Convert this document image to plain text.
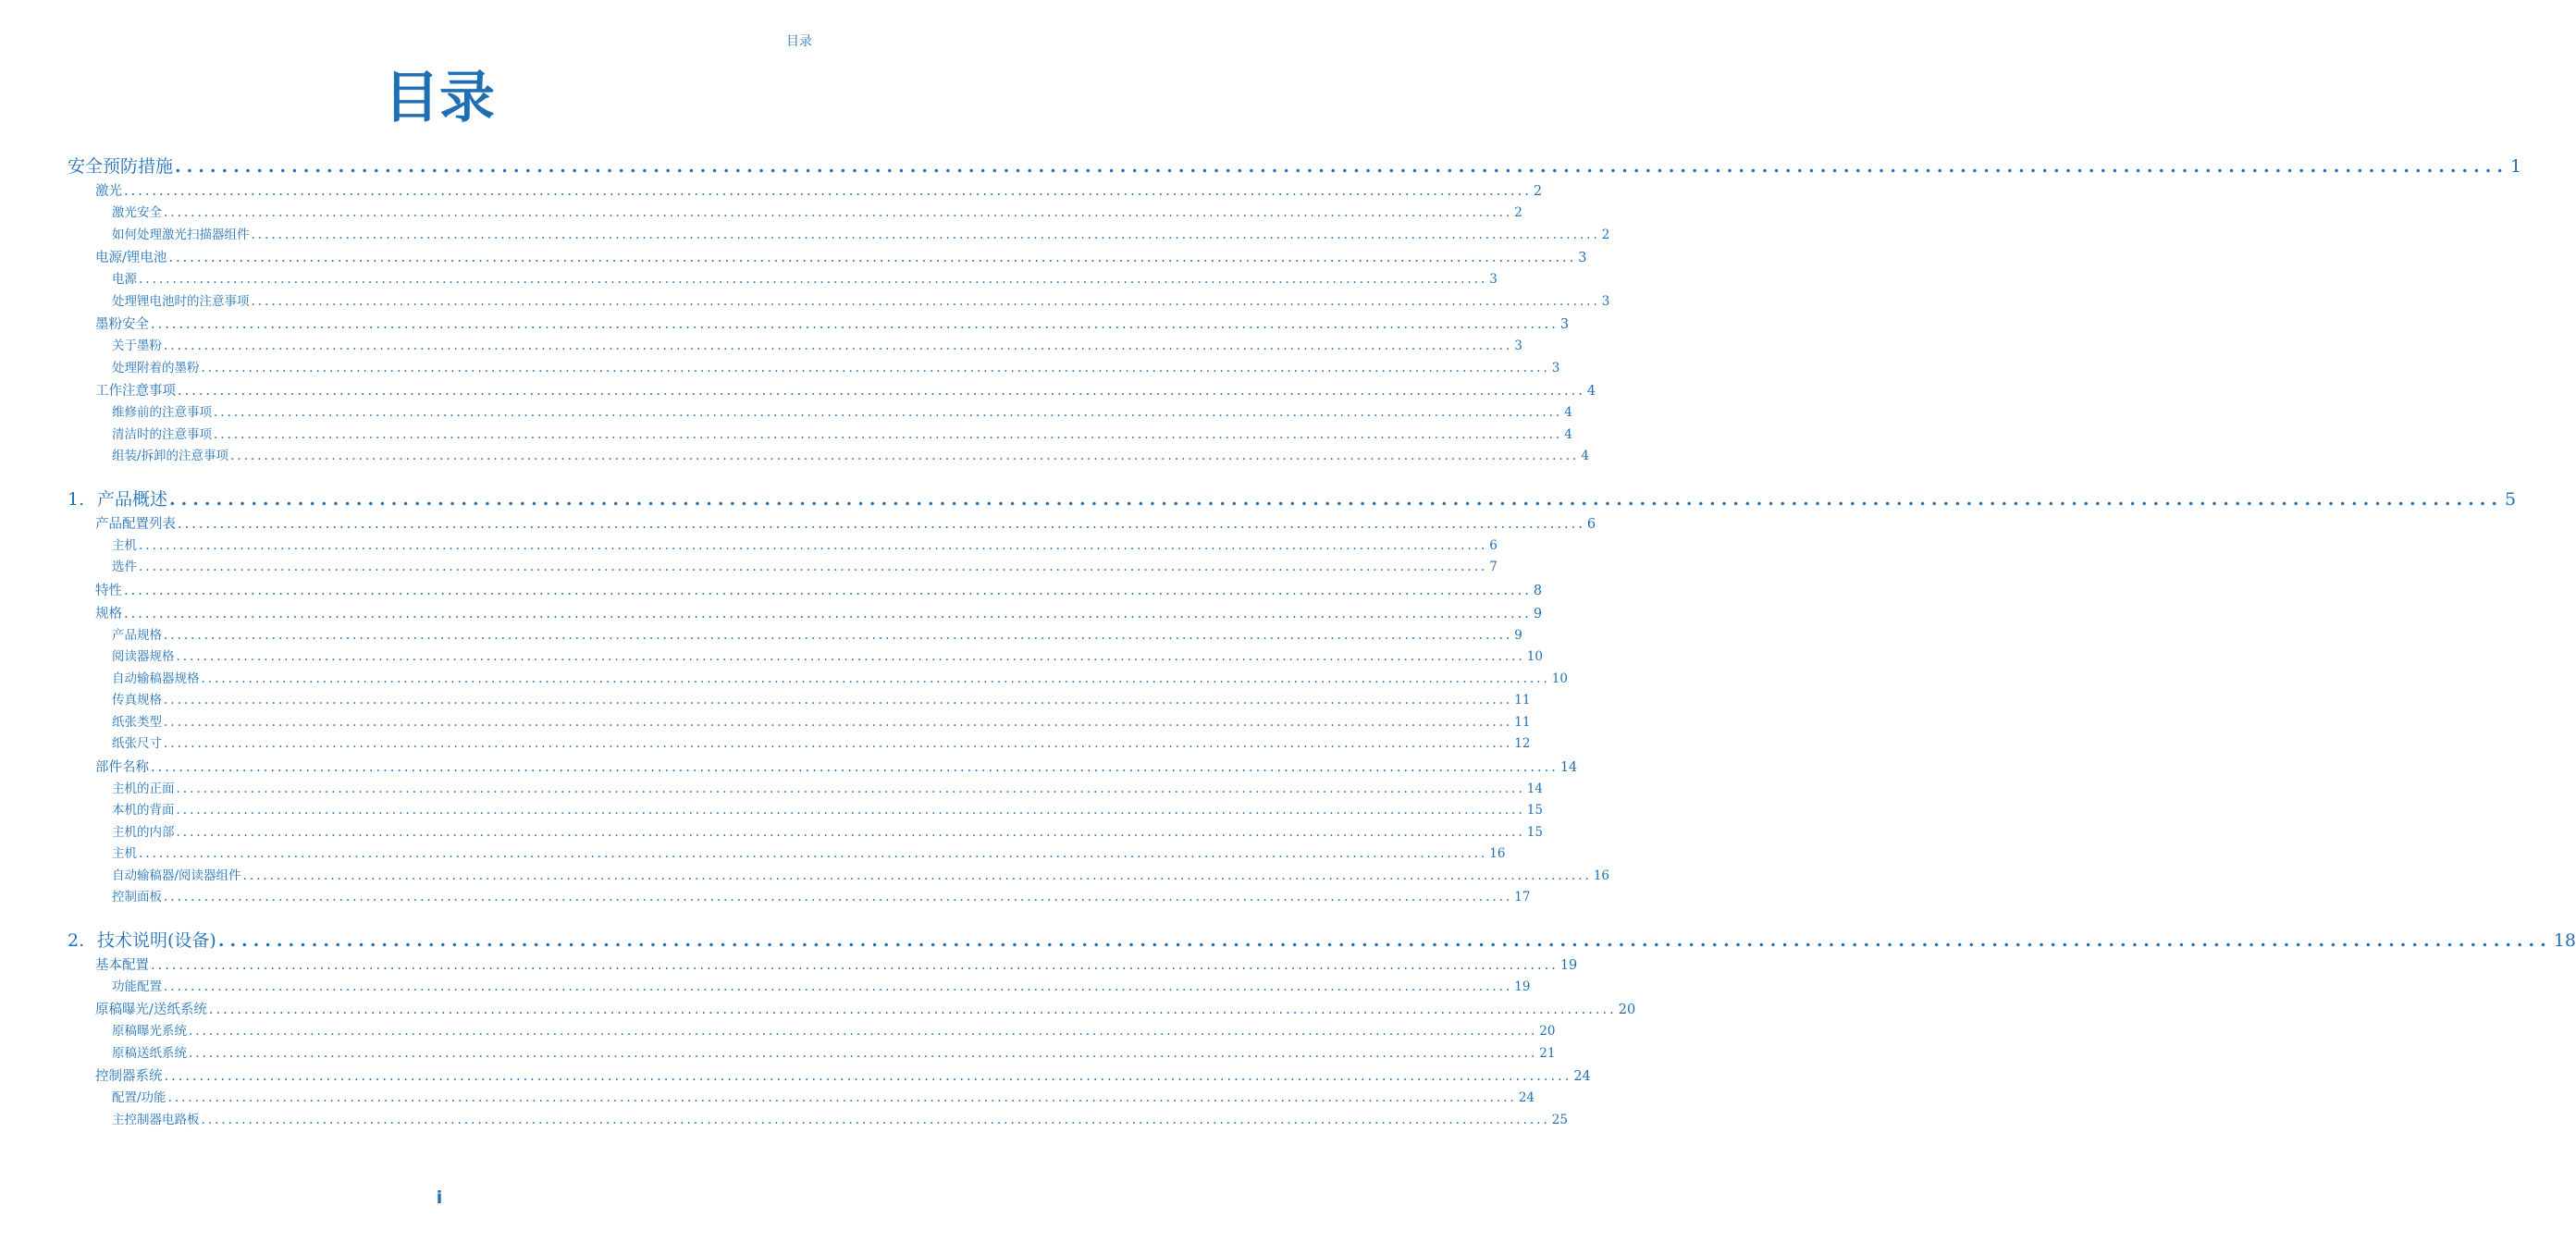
目录
目录
安全预防措施 ........................................................................................................................................................................................................ 1
激光 ........................................................................................................................................................................................................ 2
激光安全 ........................................................................................................................................................................................................ 2
如何处理激光扫描器组件 ........................................................................................................................................................................................................ 2
电源/锂电池 ........................................................................................................................................................................................................ 3
电源 ........................................................................................................................................................................................................ 3
处理锂电池时的注意事项 ........................................................................................................................................................................................................ 3
墨粉安全 ........................................................................................................................................................................................................ 3
关于墨粉 ........................................................................................................................................................................................................ 3
处理附着的墨粉 ........................................................................................................................................................................................................ 3
工作注意事项 ........................................................................................................................................................................................................ 4
维修前的注意事项 ........................................................................................................................................................................................................ 4
清洁时的注意事项 ........................................................................................................................................................................................................ 4
组装/拆卸的注意事项 ........................................................................................................................................................................................................ 4
1. 产品概述 ........................................................................................................................................................................................................ 5
产品配置列表 ........................................................................................................................................................................................................ 6
主机 ........................................................................................................................................................................................................ 6
选件 ........................................................................................................................................................................................................ 7
特性 ........................................................................................................................................................................................................ 8
规格 ........................................................................................................................................................................................................ 9
产品规格 ........................................................................................................................................................................................................ 9
阅读器规格 ........................................................................................................................................................................................................ 10
自动输稿器规格 ........................................................................................................................................................................................................ 10
传真规格 ........................................................................................................................................................................................................ 11
纸张类型 ........................................................................................................................................................................................................ 11
纸张尺寸 ........................................................................................................................................................................................................ 12
部件名称 ........................................................................................................................................................................................................ 14
主机的正面 ........................................................................................................................................................................................................ 14
本机的背面 ........................................................................................................................................................................................................ 15
主机的内部 ........................................................................................................................................................................................................ 15
主机 ........................................................................................................................................................................................................ 16
自动输稿器/阅读器组件 ........................................................................................................................................................................................................ 16
控制面板 ........................................................................................................................................................................................................ 17
2. 技术说明(设备) ........................................................................................................................................................................................................ 18
基本配置 ........................................................................................................................................................................................................ 19
功能配置 ........................................................................................................................................................................................................ 19
原稿曝光/送纸系统 ........................................................................................................................................................................................................ 20
原稿曝光系统 ........................................................................................................................................................................................................ 20
原稿送纸系统 ........................................................................................................................................................................................................ 21
控制器系统 ........................................................................................................................................................................................................ 24
配置/功能 ........................................................................................................................................................................................................ 24
主控制器电路板 ........................................................................................................................................................................................................ 25
i
